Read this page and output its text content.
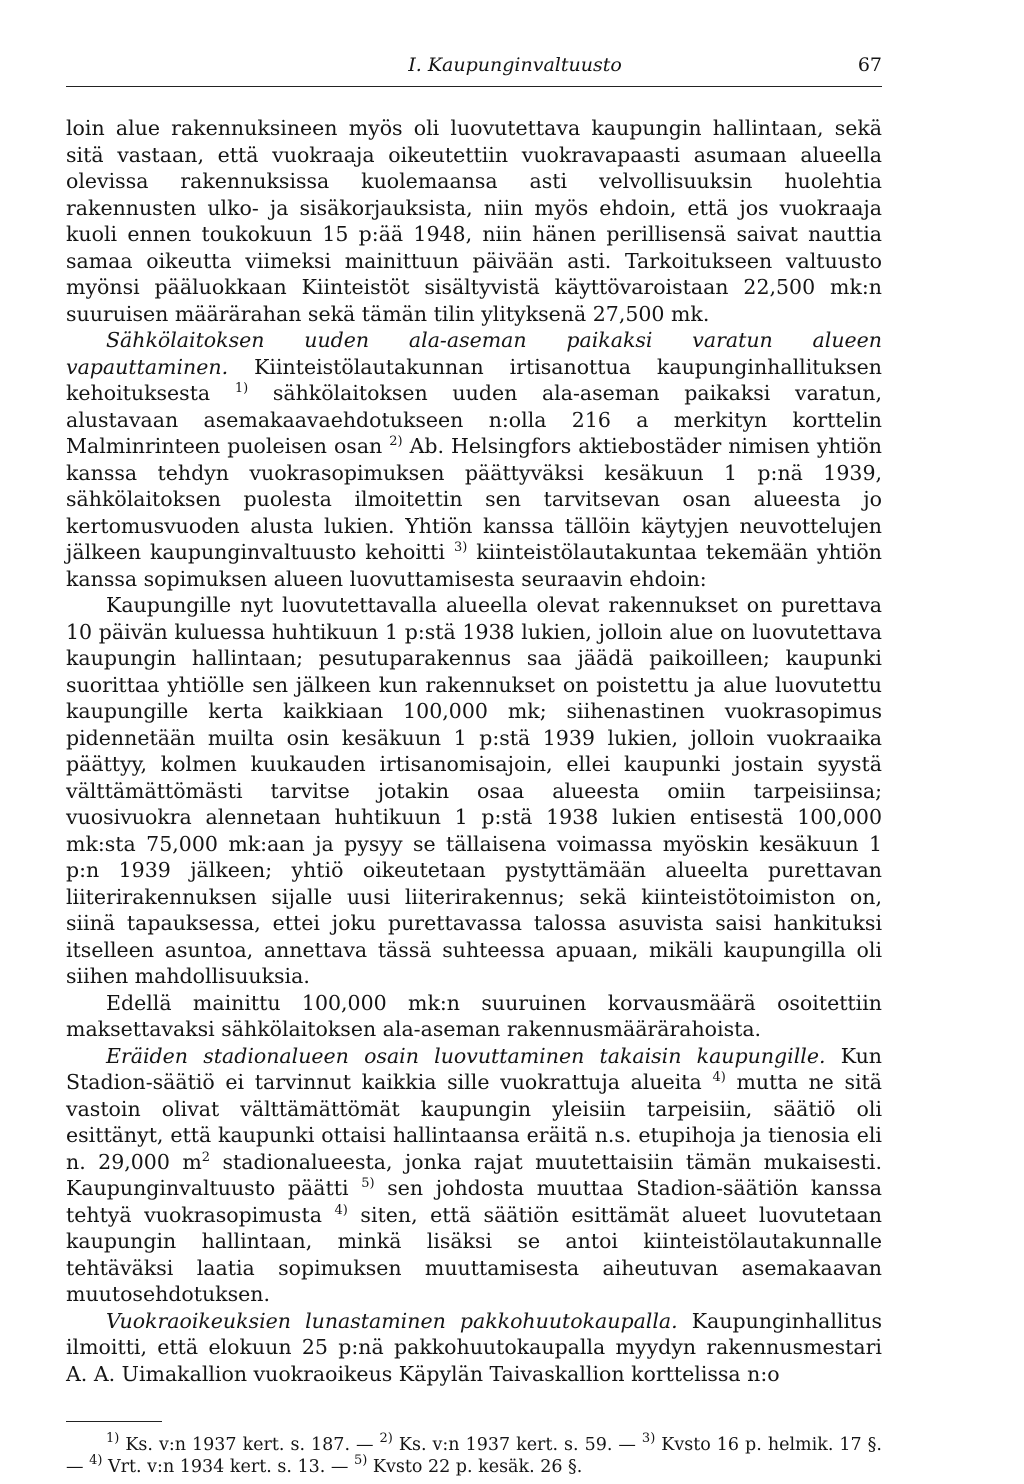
I. Kaupunginvaltuusto	67

loin alue rakennuksineen myös oli luovutettava kaupungin hallintaan, sekä sitä vastaan, että vuokraaja oikeutettiin vuokravapaasti asumaan alueella olevissa rakennuksissa kuolemaansa asti velvollisuuksin huolehtia rakennusten ulko- ja sisäkorjauksista, niin myös ehdoin, että jos vuokraaja kuoli ennen toukokuun 15 p:ää 1948, niin hänen perillisensä saivat nauttia samaa oikeutta viimeksi mainittuun päivään asti. Tarkoitukseen valtuusto myönsi pääluokkaan Kiinteistöt sisältyvistä käyttövaroistaan 22,500 mk:n suuruisen määrärahan sekä tämän tilin ylityksenä 27,500 mk.

Sähkölaitoksen uuden ala-aseman paikaksi varatun alueen vapauttaminen. Kiinteistölautakunnan irtisanottua kaupunginhallituksen kehoituksesta $^{1)}$ sähkölaitoksen uuden ala-aseman paikaksi varatun, alustavaan asemakaavaehdotukseen n:olla 216 a merkityn korttelin Malminrinteen puoleisen osan $^{2)}$ Ab. Helsingfors aktiebostäder nimisen yhtiön kanssa tehdyn vuokrasopimuksen päättyväksi kesäkuun 1 p:nä 1939, sähkölaitoksen puolesta ilmoitettin sen tarvitsevan osan alueesta jo kertomusvuoden alusta lukien. Yhtiön kanssa tällöin käytyjen neuvottelujen jälkeen kaupunginvaltuusto kehoitti $^{3)}$ kiinteistölautakuntaa tekemään yhtiön kanssa sopimuksen alueen luovuttamisesta seuraavin ehdoin:

Kaupungille nyt luovutettavalla alueella olevat rakennukset on purettava 10 päivän kuluessa huhtikuun 1 p:stä 1938 lukien, jolloin alue on luovutettava kaupungin hallintaan; pesutuparakennus saa jäädä paikoilleen; kaupunki suorittaa yhtiölle sen jälkeen kun rakennukset on poistettu ja alue luovutettu kaupungille kerta kaikkiaan 100,000 mk; siihenastinen vuokrasopimus pidennetään muilta osin kesäkuun 1 p:stä 1939 lukien, jolloin vuokraaika päättyy, kolmen kuukauden irtisanomisajoin, ellei kaupunki jostain syystä välttämättömästi tarvitse jotakin osaa alueesta omiin tarpeisiinsa; vuosivuokra alennetaan huhtikuun 1 p:stä 1938 lukien entisestä 100,000 mk:sta 75,000 mk:aan ja pysyy se tällaisena voimassa myöskin kesäkuun 1 p:n 1939 jälkeen; yhtiö oikeutetaan pystyttämään alueelta purettavan liiterirakennuksen sijalle uusi liiterirakennus; sekä kiinteistötoimiston on, siinä tapauksessa, ettei joku purettavassa talossa asuvista saisi hankituksi itselleen asuntoa, annettava tässä suhteessa apuaan, mikäli kaupungilla oli siihen mahdollisuuksia.

Edellä mainittu 100,000 mk:n suuruinen korvausmäärä osoitettiin maksettavaksi sähkölaitoksen ala-aseman rakennusmäärärahoista.

Eräiden stadionalueen osain luovuttaminen takaisin kaupungille. Kun Stadion-säätiö ei tarvinnut kaikkia sille vuokrattuja alueita $^{4)}$ mutta ne sitä vastoin olivat välttämättömät kaupungin yleisiin tarpeisiin, säätiö oli esittänyt, että kaupunki ottaisi hallintaansa eräitä n.s. etupihoja ja tienosia eli n. 29,000 $m^2$ stadionalueesta, jonka rajat muutettaisiin tämän mukaisesti. Kaupunginvaltuusto päätti $^{5)}$ sen johdosta muuttaa Stadion-säätiön kanssa tehtyä vuokrasopimusta $^{4)}$ siten, että säätiön esittämät alueet luovutetaan kaupungin hallintaan, minkä lisäksi se antoi kiinteistölautakunnalle tehtäväksi laatia sopimuksen muuttamisesta aiheutuvan asemakaavan muutosehdotuksen.

Vuokraoikeuksien lunastaminen pakkohuutokaupalla. Kaupunginhallitus ilmoitti, että elokuun 25 p:nä pakkohuutokaupalla myydyn rakennusmestari A. A. Uimakallion vuokraoikeus Käpylän Taivaskallion korttelissa n:o

$^{1)}$ Ks. v:n 1937 kert. s. 187. — $^{2)}$ Ks. v:n 1937 kert. s. 59. — $^{3)}$ Kvsto 16 p. helmik. 17 §. — $^{4)}$ Vrt. v:n 1934 kert. s. 13. — $^{5)}$ Kvsto 22 p. kesäk. 26 §.
